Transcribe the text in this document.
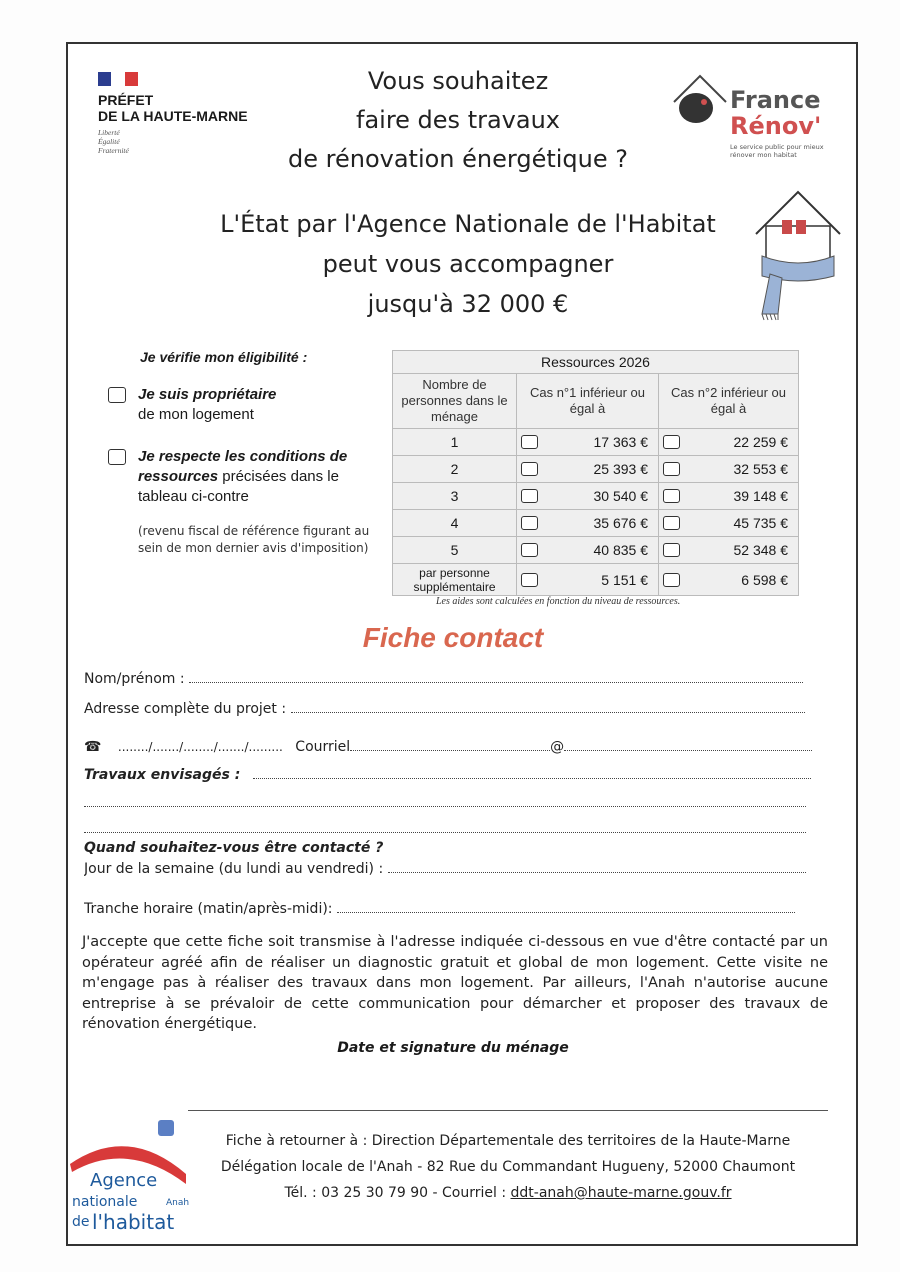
PRÉFET
DE LA HAUTE-MARNE
Liberté
Égalité
Fraternité
Vous souhaitez
faire des travaux
de rénovation énergétique ?
France
Rénov'
Le service public pour mieux rénover mon habitat
L'État par l'Agence Nationale de l'Habitat
peut vous accompagner
jusqu'à 32 000 €
Je vérifie mon éligibilité :
Je suis propriétaire
de mon logement
Je respecte les conditions de ressources précisées dans le tableau ci-contre
(revenu fiscal de référence figurant au sein de mon dernier avis d'imposition)
Ressources 2026		
Nombre de personnes dans le ménage	Cas n°1 inférieur ou égal à	Cas n°2 inférieur ou égal à
1	17 363 €	22 259 €

2	25 393 €	32 553 €

3	30 540 €	39 148 €

4	35 676 €	45 735 €

5	40 835 €	52 348 €

par personne supplémentaire	5 151 €	6 598 €
Les aides sont calculées en fonction du niveau de ressources.
Fiche contact
Nom/prénom :
Adresse complète du projet :
☎ ......../......./......../......./......... Courriel	@
Travaux envisagés :
Quand souhaitez-vous être contacté ?
Jour de la semaine (du lundi au vendredi) :
Tranche horaire (matin/après-midi):
J'accepte que cette fiche soit transmise à l'adresse indiquée ci-dessous en vue d'être contacté par un opérateur agréé afin de réaliser un diagnostic gratuit et global de mon logement. Cette visite ne m'engage pas à réaliser des travaux dans mon logement. Par ailleurs, l'Anah n'autorise aucune entreprise à se prévaloir de cette communication pour démarcher et proposer des travaux de rénovation énergétique.
Date et signature du ménage
Fiche à retourner à : Direction Départementale des territoires de la Haute-Marne
Délégation locale de l'Anah - 82 Rue du Commandant Hugueny, 52000 Chaumont
Tél. : 03 25 30 79 90 - Courriel : ddt-anah@haute-marne.gouv.fr
Agence
nationale	Anah
de l'habitat
